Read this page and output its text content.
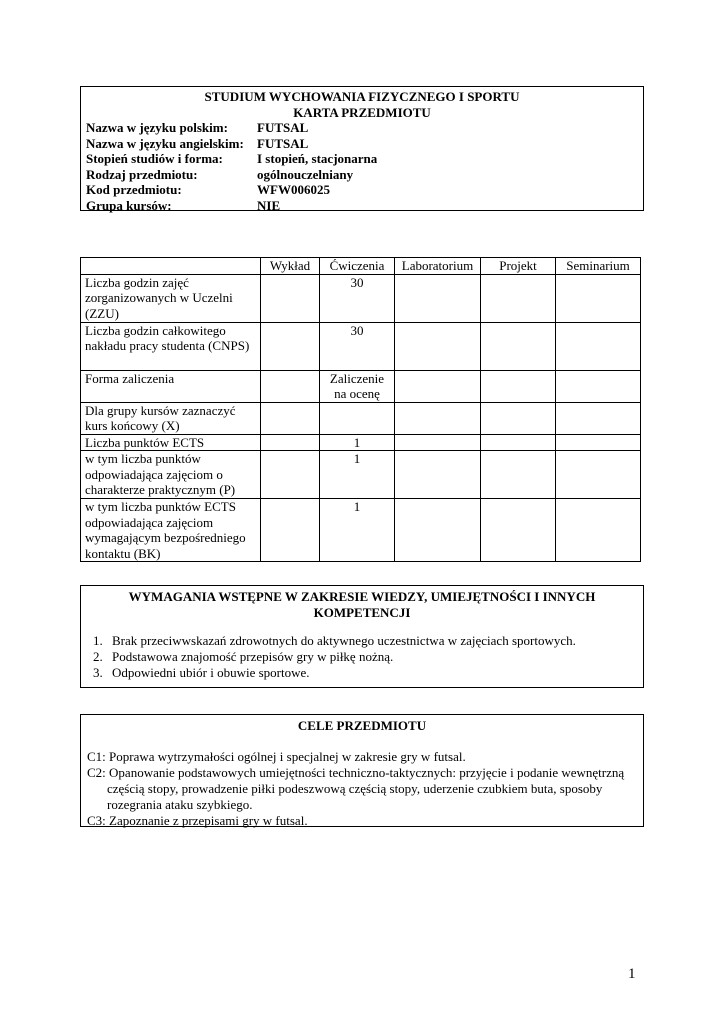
STUDIUM WYCHOWANIA FIZYCZNEGO I SPORTU
KARTA PRZEDMIOTU
Nazwa w języku polskim:	FUTSAL
Nazwa w języku angielskim:	FUTSAL
Stopień studiów i forma:	I stopień, stacjonarna
Rodzaj przedmiotu:	ogólnouczelniany
Kod przedmiotu:	WFW006025
Grupa kursów:	NIE
	Wykład	Ćwiczenia	Laboratorium	Projekt	Seminarium
Liczba godzin zajęć zorganizowanych w Uczelni (ZZU)		30			
Liczba godzin całkowitego nakładu pracy studenta (CNPS)		30			
Forma zaliczenia		Zaliczenie na ocenę			
Dla grupy kursów zaznaczyć kurs końcowy (X)					
Liczba punktów ECTS		1			
w tym liczba punktów odpowiadająca zajęciom o charakterze praktycznym (P)		1			
w tym liczba punktów ECTS odpowiadająca zajęciom wymagającym bezpośredniego kontaktu (BK)		1			
WYMAGANIA WSTĘPNE W ZAKRESIE WIEDZY, UMIEJĘTNOŚCI I INNYCH KOMPETENCJI
1. Brak przeciwwskazań zdrowotnych do aktywnego uczestnictwa w zajęciach sportowych.
2. Podstawowa znajomość przepisów gry w piłkę nożną.
3. Odpowiedni ubiór i obuwie sportowe.
CELE PRZEDMIOTU
C1: Poprawa wytrzymałości ogólnej i specjalnej w zakresie gry w futsal.
C2: Opanowanie podstawowych umiejętności techniczno-taktycznych: przyjęcie i podanie wewnętrzną częścią stopy, prowadzenie piłki podeszwową częścią stopy, uderzenie czubkiem buta, sposoby rozegrania ataku szybkiego.
C3: Zapoznanie z przepisami gry w futsal.
1
